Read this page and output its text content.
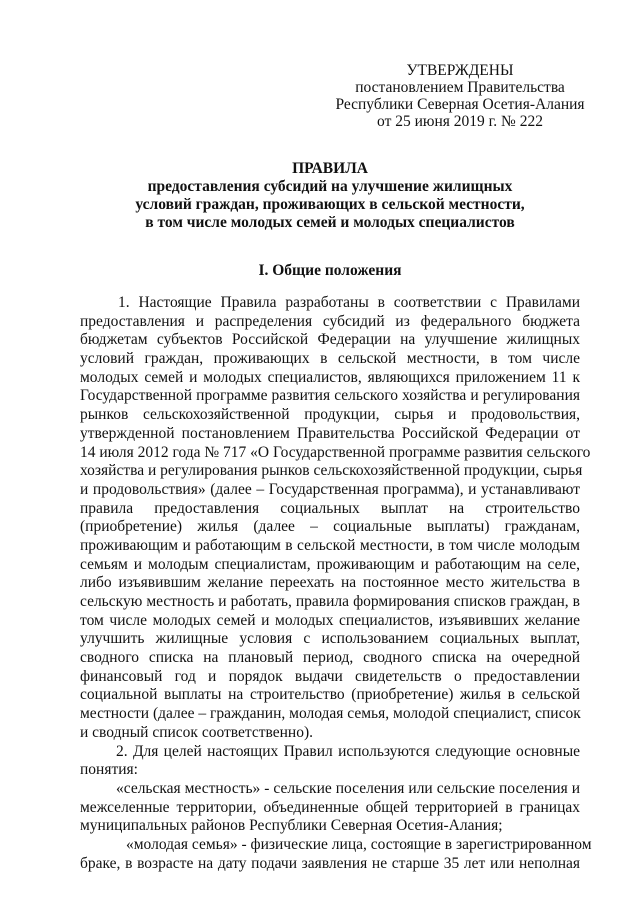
УТВЕРЖДЕНЫ
постановлением Правительства
Республики Северная Осетия-Алания
от 25 июня 2019 г. № 222
ПРАВИЛА
предоставления субсидий на улучшение жилищных
условий граждан, проживающих в сельской местности,
в том числе молодых семей и молодых специалистов
I. Общие положения
1. Настоящие Правила разработаны в соответствии с Правилами
предоставления и распределения субсидий из федерального бюджета
бюджетам субъектов Российской Федерации на улучшение жилищных
условий граждан, проживающих в сельской местности, в том числе
молодых семей и молодых специалистов, являющихся приложением 11 к
Государственной программе развития сельского хозяйства и регулирования
рынков сельскохозяйственной продукции, сырья и продовольствия,
утвержденной постановлением Правительства Российской Федерации от
14 июля 2012 года № 717 «О Государственной программе развития сельского
хозяйства и регулирования рынков сельскохозяйственной продукции, сырья
и продовольствия» (далее – Государственная программа), и устанавливают
правила предоставления социальных выплат на строительство
(приобретение) жилья (далее – социальные выплаты) гражданам,
проживающим и работающим в сельской местности, в том числе молодым
семьям и молодым специалистам, проживающим и работающим на селе,
либо изъявившим желание переехать на постоянное место жительства в
сельскую местность и работать, правила формирования списков граждан, в
том числе молодых семей и молодых специалистов, изъявивших желание
улучшить жилищные условия с использованием социальных выплат,
сводного списка на плановый период, сводного списка на очередной
финансовый год и порядок выдачи свидетельств о предоставлении
социальной выплаты на строительство (приобретение) жилья в сельской
местности (далее – гражданин, молодая семья, молодой специалист, список
и сводный список соответственно).
2. Для целей настоящих Правил используются следующие основные
понятия:
«сельская местность» - сельские поселения или сельские поселения и
межселенные территории, объединенные общей территорией в границах
муниципальных районов Республики Северная Осетия-Алания;
«молодая семья» - физические лица, состоящие в зарегистрированном
браке, в возрасте на дату подачи заявления не старше 35 лет или неполная
